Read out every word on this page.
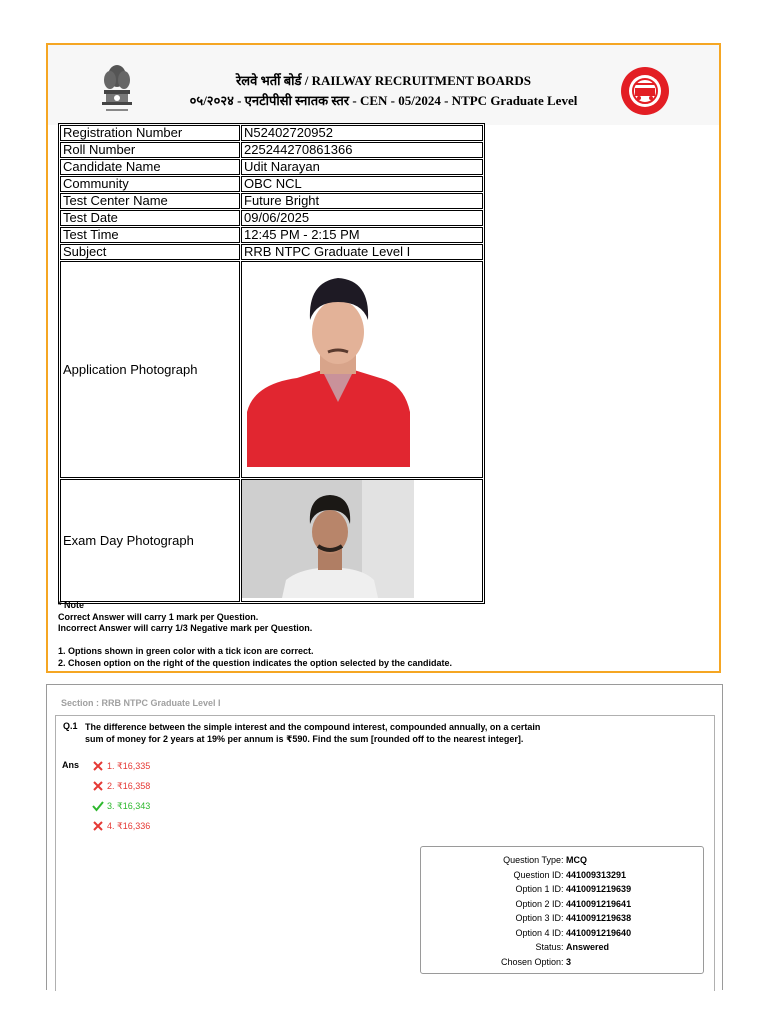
रेलवे भर्ती बोर्ड / RAILWAY RECRUITMENT BOARDS
०५/२०२४ - एनटीपीसी स्नातक स्तर - CEN - 05/2024 - NTPC Graduate Level
Registration Number	N52402720952
Roll Number	225244270861366
Candidate Name	Udit Narayan
Community	OBC NCL
Test Center Name	Future Bright
Test Date	09/06/2025
Test Time	12:45 PM - 2:15 PM
Subject	RRB NTPC Graduate Level I
Application Photograph	
Exam Day Photograph	
* Note
Correct Answer will carry 1 mark per Question.
Incorrect Answer will carry 1/3 Negative mark per Question.
1. Options shown in green color with a tick icon are correct.
2. Chosen option on the right of the question indicates the option selected by the candidate.
Section : RRB NTPC Graduate Level I
Q.1 The difference between the simple interest and the compound interest, compounded annually, on a certain sum of money for 2 years at 19% per annum is ₹590. Find the sum [rounded off to the nearest integer].
Ans	1. ₹16,335
2. ₹16,358
3. ₹16,343
4. ₹16,336
Question Type : MCQ
Question ID : 441009313291
Option 1 ID : 4410091219639
Option 2 ID : 4410091219641
Option 3 ID : 4410091219638
Option 4 ID : 4410091219640
Status : Answered
Chosen Option : 3
